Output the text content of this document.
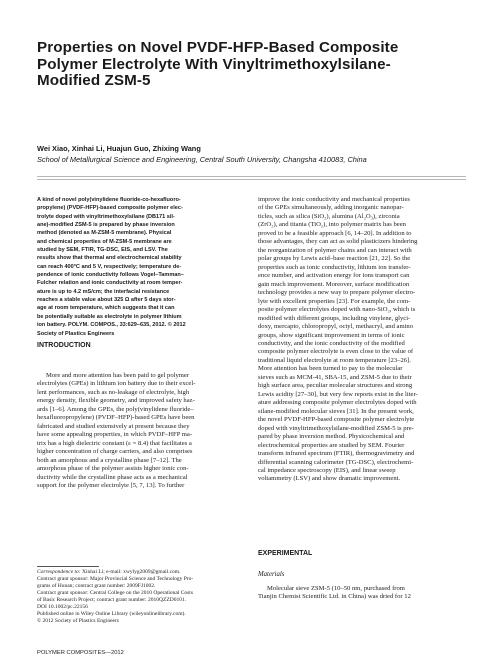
Properties on Novel PVDF-HFP-Based Composite
Polymer Electrolyte With Vinyltrimethoxylsilane-
Modified ZSM-5
Wei Xiao, Xinhai Li, Huajun Guo, Zhixing Wang
School of Metallurgical Science and Engineering, Central South University, Changsha 410083, China
A kind of novel poly(vinylidene fluoride-co-hexafluoro-
propylene) (PVDF-HFP)-based composite polymer elec-
trolyte doped with vinyltrimethoxylsilane (DB171 sil-
ane)-modified ZSM-5 is prepared by phase inversion
method (denoted as M-ZSM-5 membrane). Physical
and chemical properties of M-ZSM-5 membrane are
studied by SEM, FTIR, TG-DSC, EIS, and LSV. The
results show that thermal and electrochemical stability
can reach 400°C and 5 V, respectively; temperature de-
pendence of ionic conductivity follows Vogel–Tamman–
Fulcher relation and ionic conductivity at room temper-
ature is up to 4.2 mS/cm; the interfacial resistance
reaches a stable value about 325 Ω after 5 days stor-
age at room temperature, which suggests that it can
be potentially suitable as electrolyte in polymer lithium
ion battery. POLYM. COMPOS., 33:629–635, 2012. © 2012
Society of Plastics Engineers
INTRODUCTION
More and more attention has been paid to gel polymer
electrolytes (GPEs) in lithium ion battery due to their excel-
lent performances, such as no-leakage of electrolyte, high
energy density, flexible geometry, and improved safety haz-
ards [1–6]. Among the GPEs, the poly(vinylidene fluoride–
hexafluoropropylene) (PVDF–HFP)-based GPEs have been
fabricated and studied extensively at present because they
have some appealing properties, in which PVDF–HFP ma-
trix has a high dielectric constant (ε = 8.4) that facilitates a
higher concentration of charge carriers, and also comprises
both an amorphous and a crystalline phase [7–12]. The
amorphous phase of the polymer assists higher ionic con-
ductivity while the crystalline phase acts as a mechanical
support for the polymer electrolyte [5, 7, 13]. To further
Correspondence to: Xinhai Li; e-mail: xwylyg2009@gmail.com.
Contract grant sponsor: Major Provincial Science and Technology Pro-
grams of Hunan; contract grant number: 2009FJ1002.
Contract grant sponsor: Central College on the 2010 Operational Costs
of Basic Research Project; contract grant number: 2010QZZD0101.
DOI 10.1002/pc.22156
Published online in Wiley Online Library (wileyonlinelibrary.com).
© 2012 Society of Plastics Engineers
improve the ionic conductivity and mechanical properties
of the GPEs simultaneously, adding inorganic nanopar-
ticles, such as silica (SiO₂), alumina (Al₂O₃), zirconia
(ZrO₂), and titania (TiO₂), into polymer matrix has been
proved to be a feasible approach [6, 14–20]. In addition to
those advantages, they can act as solid plasticizers hindering
the reorganization of polymer chains and can interact with
polar groups by Lewis acid–base reaction [21, 22]. So the
properties such as ionic conductivity, lithium ion transfer-
ence number, and activation energy for ions transport can
gain much improvement. Moreover, surface modification
technology provides a new way to prepare polymer electro-
lyte with excellent properties [23]. For example, the com-
posite polymer electrolytes doped with nano-SiO₂, which is
modified with different groups, including vinylene, glyci-
doxy, mercapto, chloropropyl, octyl, methacryl, and amino
groups, show significant improvement in terms of ionic
conductivity, and the ionic conductivity of the modified
composite polymer electrolyte is even close to the value of
traditional liquid electrolyte at room temperature [23–26].
More attention has been turned to pay to the molecular
sieves such as MCM-41, SBA-15, and ZSM-5 due to their
high surface area, peculiar molecular structures and strong
Lewis acidity [27–30], but very few reports exist in the liter-
ature addressing composite polymer electrolytes doped with
silane-modified molecular sieves [31]. In the present work,
the novel PVDF-HFP-based composite polymer electrolyte
doped with vinyltrimethoxylsilane-modified ZSM-5 is pre-
pared by phase inversion method. Physicochemical and
electrochemical properties are studied by SEM. Fourier
transform infrared spectrum (FTIR), thermogravimetry and
differential scanning calorimeter (TG-DSC), electrochemi-
cal impedance spectroscopy (EIS), and linear sweep
voltammetry (LSV) and show dramatic improvement.
EXPERIMENTAL
Materials
Molecular sieve ZSM-5 (10–50 nm, purchased from
Tianjin Chemist Scientific Ltd. in China) was dried for 12
POLYMER COMPOSITES—2012
